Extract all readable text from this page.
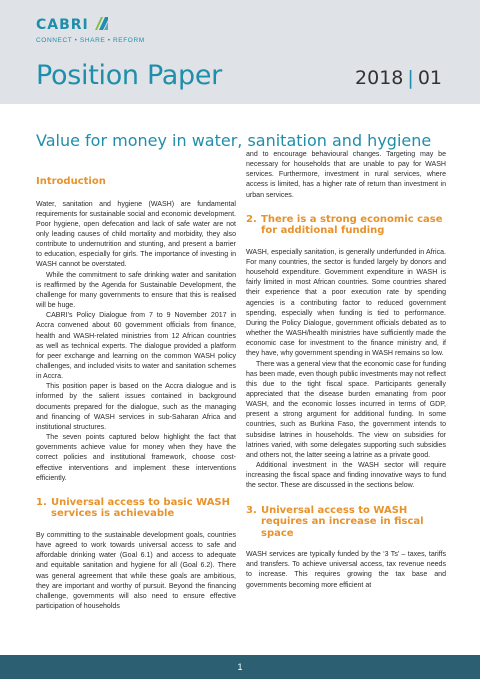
CABRI
CONNECT • SHARE • REFORM
Position Paper	2018 | 01
Value for money in water, sanitation and hygiene
Introduction

Water, sanitation and hygiene (WASH) are fundamental requirements for sustainable social and economic development. Poor hygiene, open defecation and lack of safe water are not only leading causes of child mortality and morbidity, they also contribute to undernutrition and stunting, and present a barrier to education, especially for girls. The importance of investing in WASH cannot be overstated.

While the commitment to safe drinking water and sanitation is reaffirmed by the Agenda for Sustainable Development, the challenge for many governments to ensure that this is realised will be huge.

CABRI’s Policy Dialogue from 7 to 9 November 2017 in Accra convened about 60 government officials from finance, health and WASH-related ministries from 12 African countries as well as technical experts. The dialogue provided a platform for peer exchange and learning on the common WASH policy challenges, and included visits to water and sanitation schemes in Accra.

This position paper is based on the Accra dialogue and is informed by the salient issues contained in background documents prepared for the dialogue, such as the managing and financing of WASH services in sub-Saharan Africa and institutional structures.

The seven points captured below highlight the fact that governments achieve value for money when they have the correct policies and institutional framework, choose cost-effective interventions and implement these interventions efficiently.

1. Universal access to basic WASH services is achievable

By committing to the sustainable development goals, countries have agreed to work towards universal access to safe and affordable drinking water (Goal 6.1) and access to adequate and equitable sanitation and hygiene for all (Goal 6.2). There was general agreement that while these goals are ambitious, they are important and worthy of pursuit. Beyond the financing challenge, governments will also need to ensure effective participation of households

and to encourage behavioural changes. Targeting may be necessary for households that are unable to pay for WASH services. Furthermore, investment in rural services, where access is limited, has a higher rate of return than investment in urban services.

2. There is a strong economic case for additional funding

WASH, especially sanitation, is generally underfunded in Africa. For many countries, the sector is funded largely by donors and household expenditure. Government expenditure in WASH is fairly limited in most African countries. Some countries shared their experience that a poor execution rate by spending agencies is a contributing factor to reduced government spending, especially when funding is tied to performance. During the Policy Dialogue, government officials debated as to whether the WASH/health ministries have sufficiently made the economic case for investment to the finance ministry and, if they have, why government spending in WASH remains so low.

There was a general view that the economic case for funding has been made, even though public investments may not reflect this due to the tight fiscal space. Participants generally appreciated that the disease burden emanating from poor WASH, and the economic losses incurred in terms of GDP, present a strong argument for additional funding. In some countries, such as Burkina Faso, the government intends to subsidise latrines in households. The view on subsidies for latrines varied, with some delegates supporting such subsidies and others not, the latter seeing a latrine as a private good.

Additional investment in the WASH sector will require increasing the fiscal space and finding innovative ways to fund the sector. These are discussed in the sections below.

3. Universal access to WASH requires an increase in fiscal space

WASH services are typically funded by the ‘3 Ts’ – taxes, tariffs and transfers. To achieve universal access, tax revenue needs to increase. This requires growing the tax base and governments becoming more efficient at

1
